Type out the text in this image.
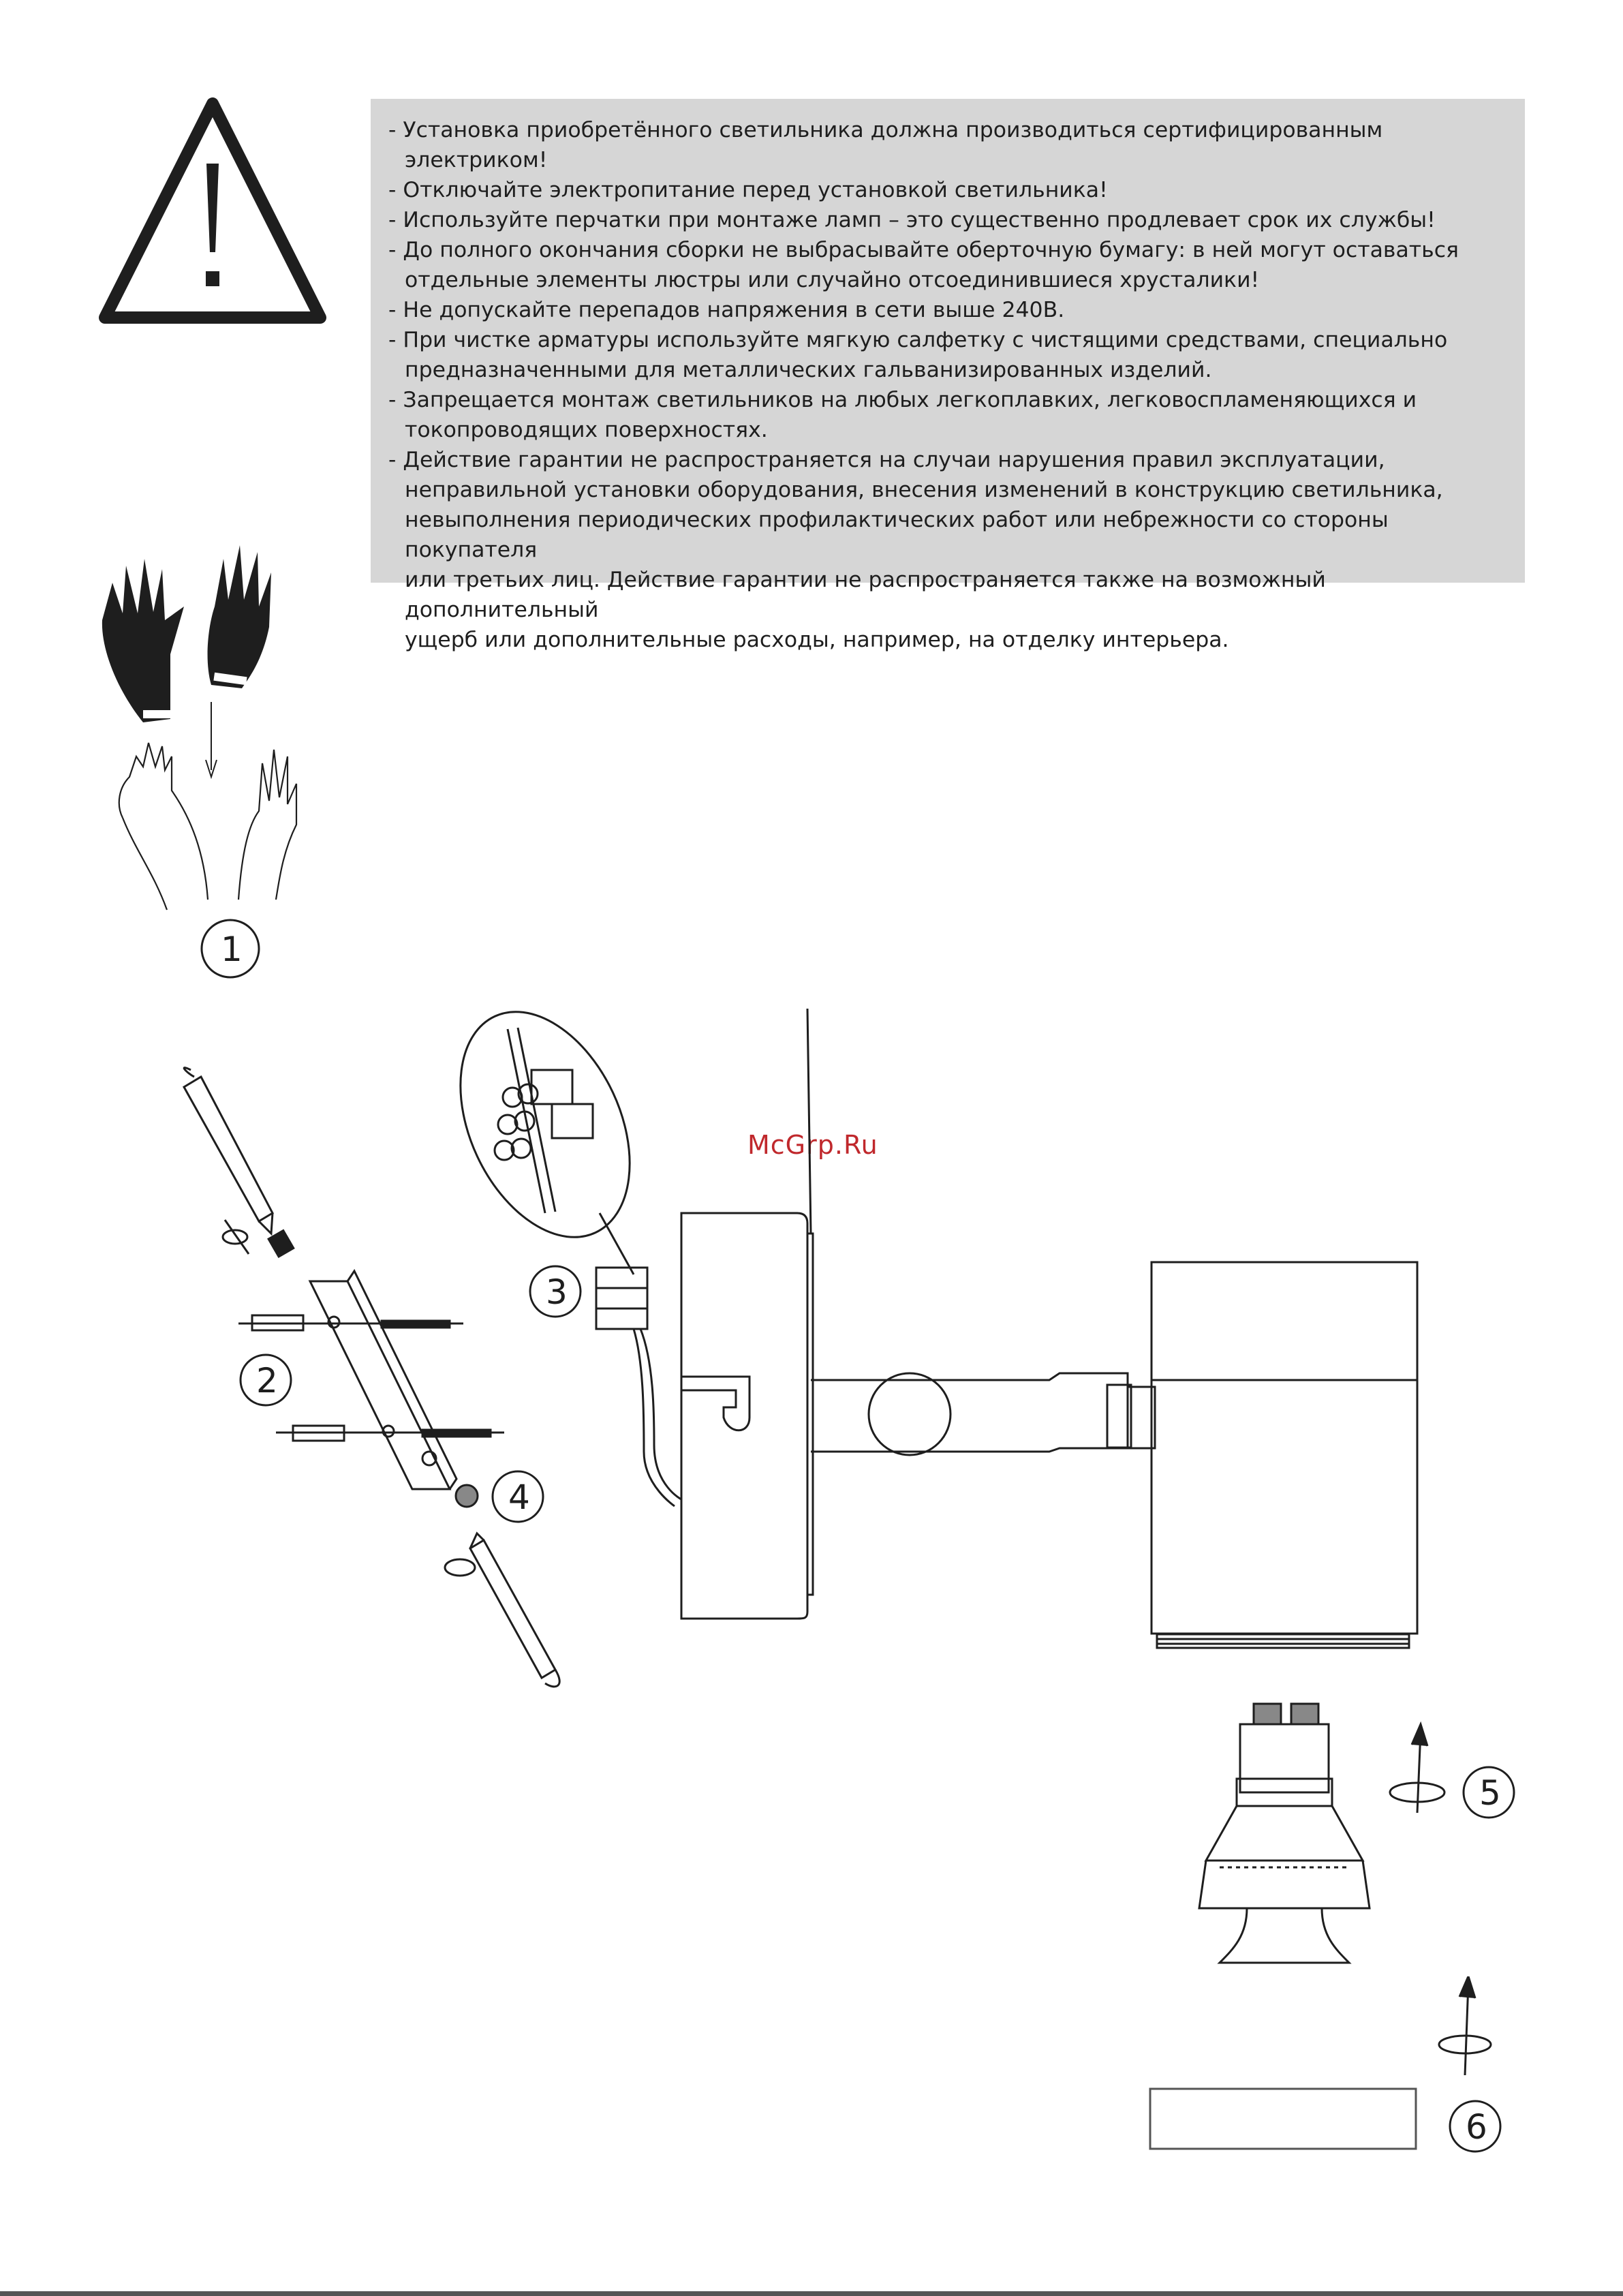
- Установка приобретённого светильника должна производиться сертифицированным электриком!
- Отключайте электропитание перед установкой светильника!
- Используйте перчатки при монтаже ламп – это существенно продлевает срок их службы!
- До полного окончания сборки не выбрасывайте оберточную бумагу: в ней могут оставаться
отдельные элементы люстры или случайно отсоединившиеся хрусталики!
- Не допускайте перепадов напряжения в сети выше 240В.
- При чистке арматуры используйте мягкую салфетку с чистящими средствами, специально
предназначенными для металлических гальванизированных изделий.
- Запрещается монтаж светильников на любых легкоплавких, легковоспламеняющихся и
токопроводящих поверхностях.
- Действие гарантии не распространяется на случаи нарушения правил эксплуатации,
неправильной установки оборудования, внесения изменений в конструкцию светильника,
невыполнения периодических профилактических работ или небрежности со стороны покупателя
или третьих лиц. Действие гарантии не распространяется также на возможный дополнительный
ущерб или дополнительные расходы, например, на отделку интерьера.
1
McGrp.Ru
2
3
4
5
6
